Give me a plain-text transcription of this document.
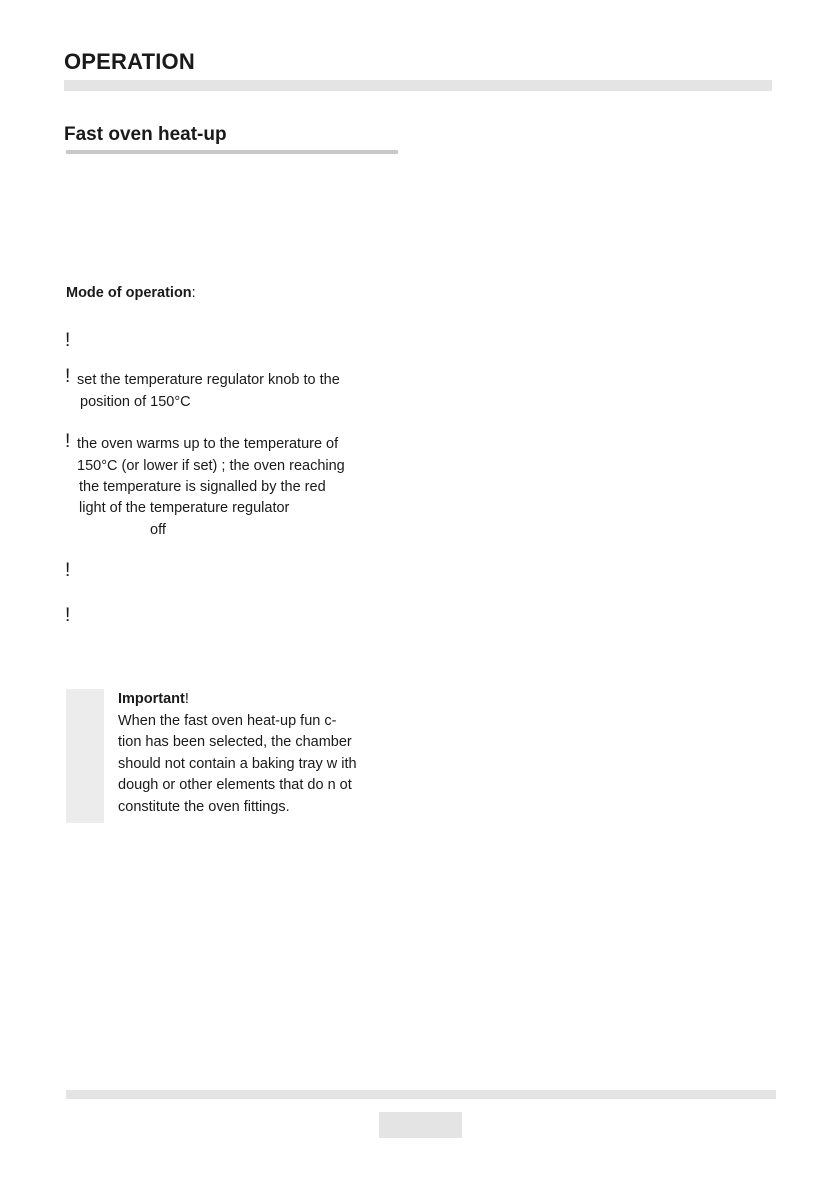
OPERATION
Fast oven heat-up
Mode of operation:
!
! set the temperature regulator knob to the
position of 150°C
! the oven warms up to the temperature of
150°C (or lower if set) ; the oven reaching
the temperature is signalled by the red
light of the temperature regulator
off
!
!
Important!
When the fast oven heat-up fun c-
tion has been selected, the chamber
should not contain a baking tray w ith
dough or other elements that do n ot
constitute the oven fittings.
